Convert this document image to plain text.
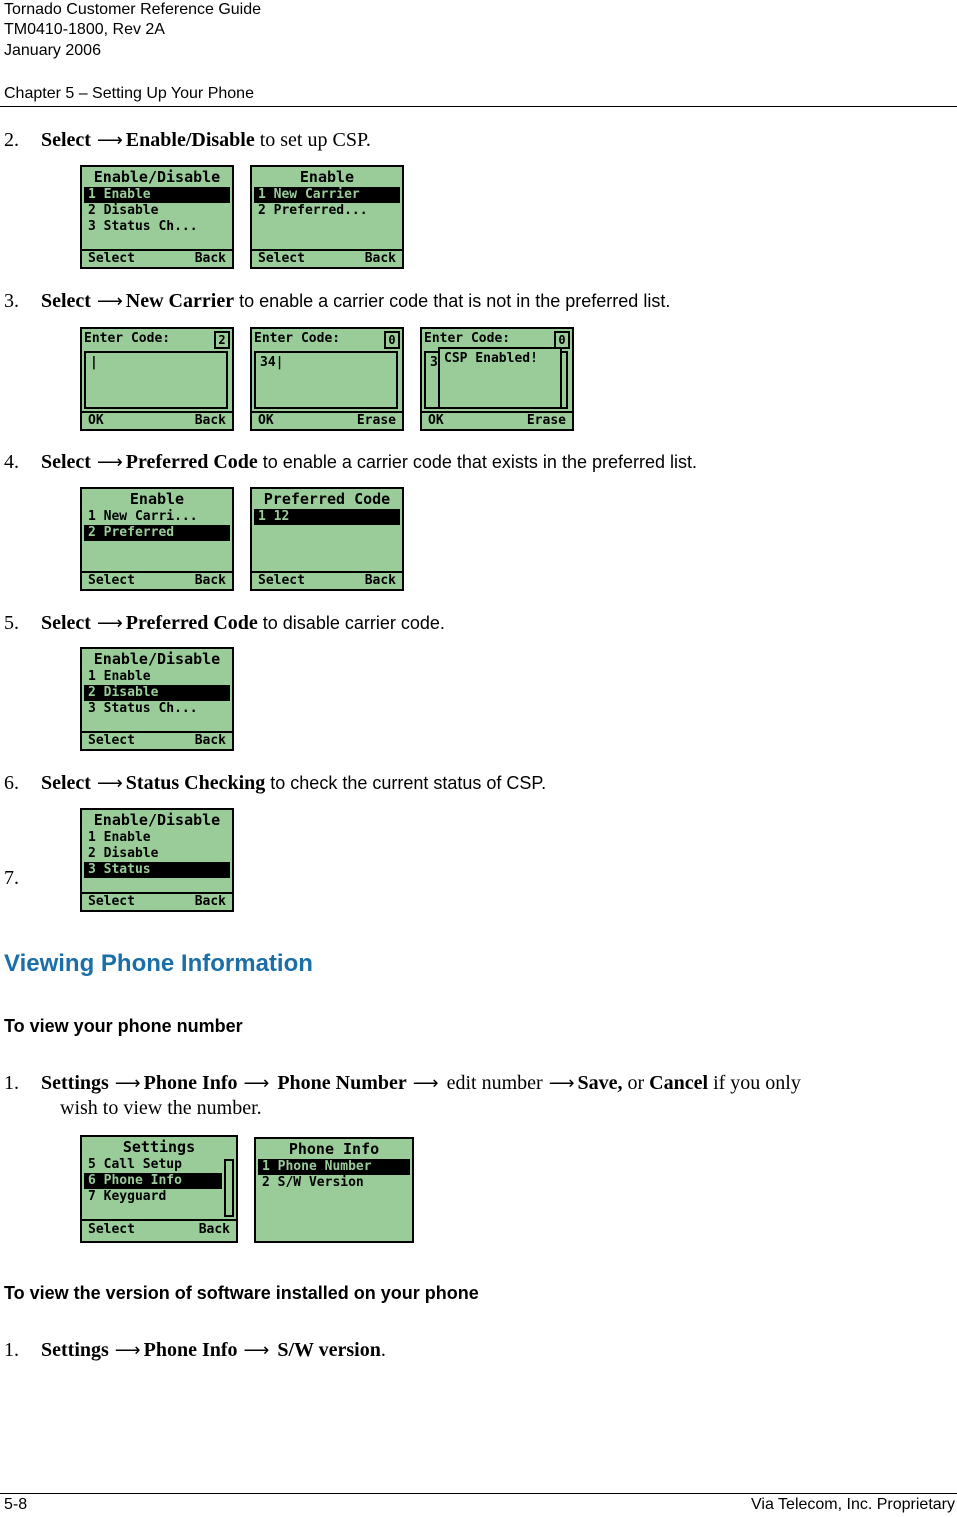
Tornado Customer Reference Guide
TM0410-1800, Rev 2A
January 2006
Chapter 5 – Setting Up Your Phone
2. Select ⟶ Enable/Disable to set up CSP.
Enable/Disable
1 Enable
2 Disable
3 Status Ch...
Select	Back
Enable
1 New Carrier
2 Preferred...
Select	Back
3. Select ⟶ New Carrier to enable a carrier code that is not in the preferred list.
Enter Code:	2
|
OK	Back
Enter Code:	0
34|
OK	Erase
Enter Code:	0
3 CSP Enabled!
OK	Erase
4. Select ⟶ Preferred Code to enable a carrier code that exists in the preferred list.
Enable
1 New Carri...
2 Preferred
Select	Back
Preferred Code
1 12
Select	Back
5. Select ⟶ Preferred Code to disable carrier code.
Enable/Disable
1 Enable
2 Disable
3 Status Ch...
Select	Back
6. Select ⟶ Status Checking to check the current status of CSP.
7.
Enable/Disable
1 Enable
2 Disable
3 Status
Select	Back
Viewing Phone Information
To view your phone number
1. Settings ⟶ Phone Info ⟶ Phone Number ⟶ edit number ⟶ Save, or Cancel if you only
wish to view the number.
Settings
5 Call Setup
6 Phone Info
7 Keyguard
Select	Back
Phone Info
1 Phone Number
2 S/W Version
To view the version of software installed on your phone
1. Settings ⟶ Phone Info ⟶ S/W version.
5-8	Via Telecom, Inc. Proprietary
